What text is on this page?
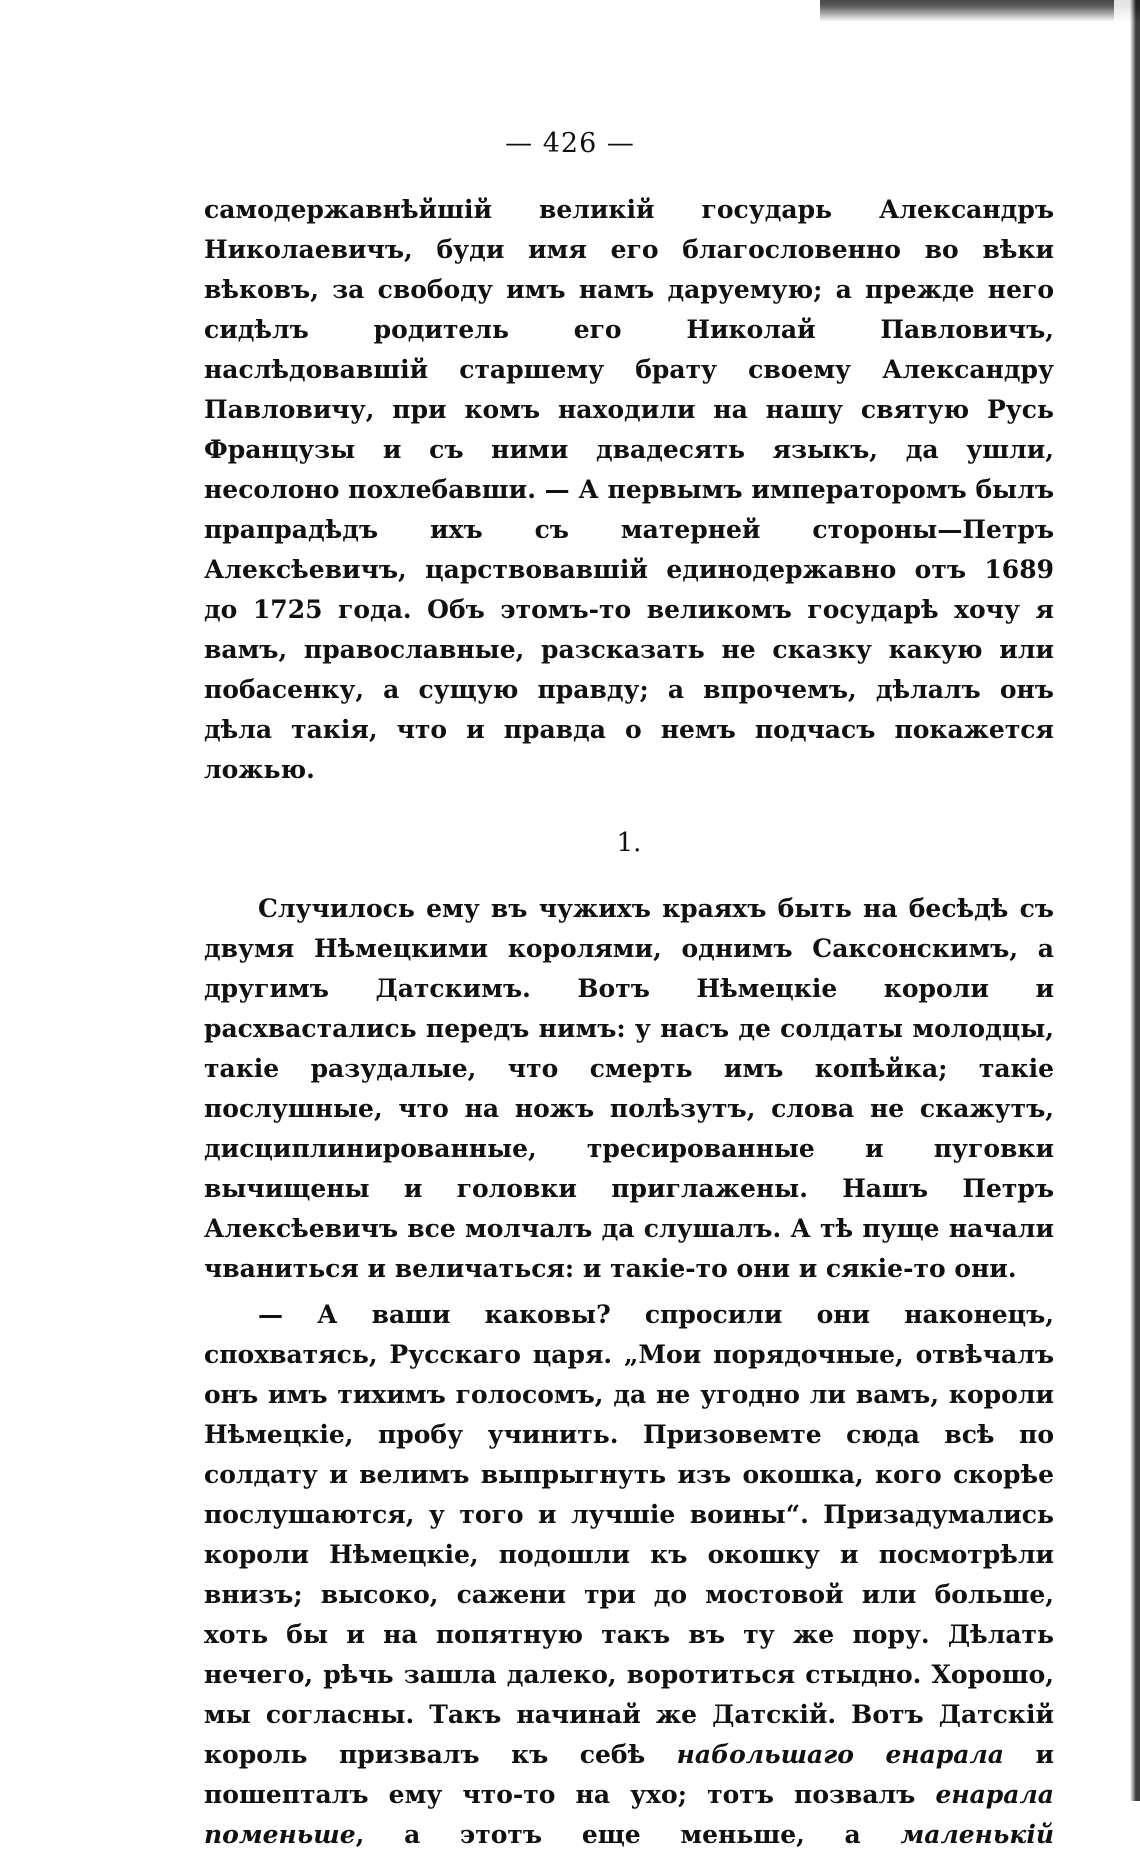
— 426 —

самодержавнѣйшій великій государь Александръ Николаевичъ, буди имя его благословенно во вѣки вѣковъ, за свободу имъ намъ даруемую; а прежде него сидѣлъ родитель его Николай Павловичъ, наслѣдовавшій старшему брату своему Александру Павловичу, при комъ находили на нашу святую Русь Французы и съ ними двадесять языкъ, да ушли, несолоно похлебавши. — А первымъ императоромъ былъ прапрадѣдъ ихъ съ матерней стороны—Петръ Алексѣевичъ, царствовавшій единодержавно отъ 1689 до 1725 года. Объ этомъ-то великомъ государѣ хочу я вамъ, православные, разсказать не сказку какую или побасенку, а сущую правду; а впрочемъ, дѣлалъ онъ дѣла такія, что и правда о немъ подчасъ покажется ложью.

1.

Случилось ему въ чужихъ краяхъ быть на бесѣдѣ съ двумя Нѣмецкими королями, однимъ Саксонскимъ, а другимъ Датскимъ. Вотъ Нѣмецкіе короли и расхвастались передъ нимъ: у насъ де солдаты молодцы, такіе разудалые, что смерть имъ копѣйка; такіе послушные, что на ножъ полѣзутъ, слова не скажутъ, дисциплинированные, тресированные и пуговки вычищены и головки приглажены. Нашъ Петръ Алексѣевичъ все молчалъ да слушалъ. А тѣ пуще начали чваниться и величаться: и такіе-то они и сякіе-то они.

— А ваши каковы? спросили они наконецъ, спохватясь, Русскаго царя. „Мои порядочные, отвѣчалъ онъ имъ тихимъ голосомъ, да не угодно ли вамъ, короли Нѣмецкіе, пробу учинить. Призовемте сюда всѣ по солдату и велимъ выпрыгнуть изъ окошка, кого скорѣе послушаются, у того и лучшіе воины“. Призадумались короли Нѣмецкіе, подошли къ окошку и посмотрѣли внизъ; высоко, сажени три до мостовой или больше, хоть бы и на попятную такъ въ ту же пору. Дѣлать нечего, рѣчь зашла далеко, воротиться стыдно. Хорошо, мы согласны. Такъ начинай же Датскій. Вотъ Датскій король призвалъ къ себѣ набольшаго енарала и пошепталъ ему что-то на ухо; тотъ позвалъ енарала поменьше, а этотъ еще меньше, а маленькій
